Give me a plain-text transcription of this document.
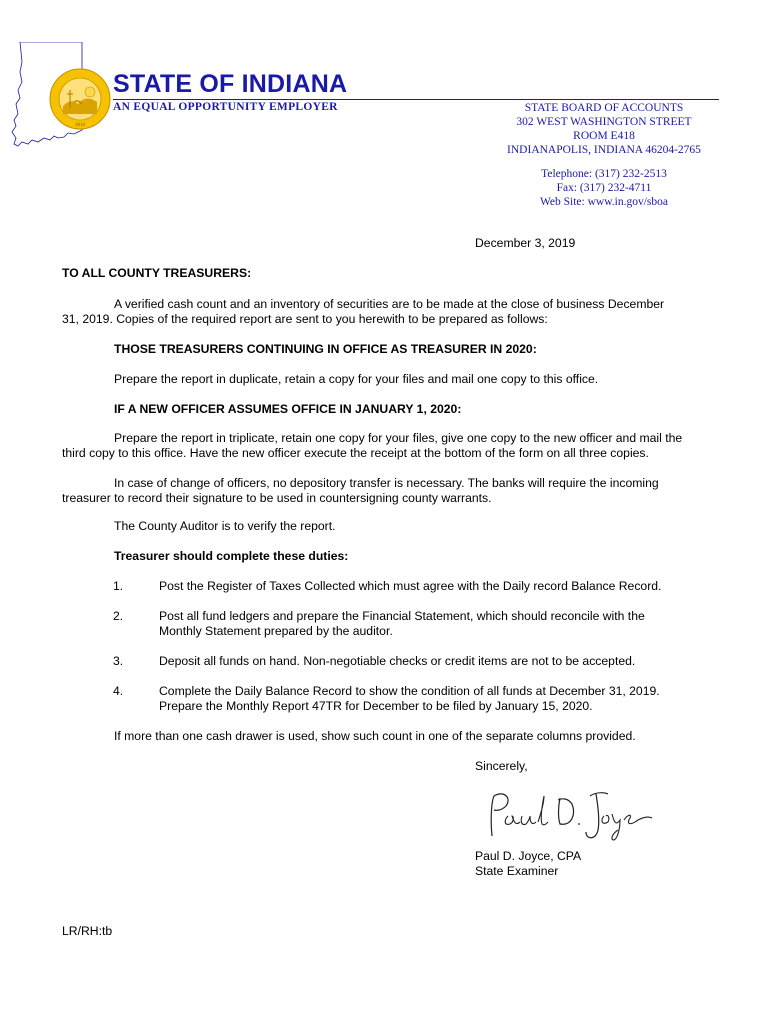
1816
STATE OF INDIANA
AN EQUAL OPPORTUNITY EMPLOYER	STATE BOARD OF ACCOUNTS
302 WEST WASHINGTON STREET
ROOM E418
INDIANAPOLIS, INDIANA 46204-2765
Telephone: (317) 232-2513
Fax: (317) 232-4711
Web Site: www.in.gov/sboa
December 3, 2019
TO ALL COUNTY TREASURERS:
A verified cash count and an inventory of securities are to be made at the close of business December
31, 2019. Copies of the required report are sent to you herewith to be prepared as follows:
THOSE TREASURERS CONTINUING IN OFFICE AS TREASURER IN 2020:
Prepare the report in duplicate, retain a copy for your files and mail one copy to this office.
IF A NEW OFFICER ASSUMES OFFICE IN JANUARY 1, 2020:
Prepare the report in triplicate, retain one copy for your files, give one copy to the new officer and mail the
third copy to this office. Have the new officer execute the receipt at the bottom of the form on all three copies.
In case of change of officers, no depository transfer is necessary. The banks will require the incoming
treasurer to record their signature to be used in countersigning county warrants.
The County Auditor is to verify the report.
Treasurer should complete these duties:
1.	Post the Register of Taxes Collected which must agree with the Daily record Balance Record.
2.	Post all fund ledgers and prepare the Financial Statement, which should reconcile with the
Monthly Statement prepared by the auditor.
3.	Deposit all funds on hand. Non-negotiable checks or credit items are not to be accepted.
4.	Complete the Daily Balance Record to show the condition of all funds at December 31, 2019.
Prepare the Monthly Report 47TR for December to be filed by January 15, 2020.
If more than one cash drawer is used, show such count in one of the separate columns provided.
Sincerely,
Paul D. Joyce, CPA
State Examiner
LR/RH:tb
